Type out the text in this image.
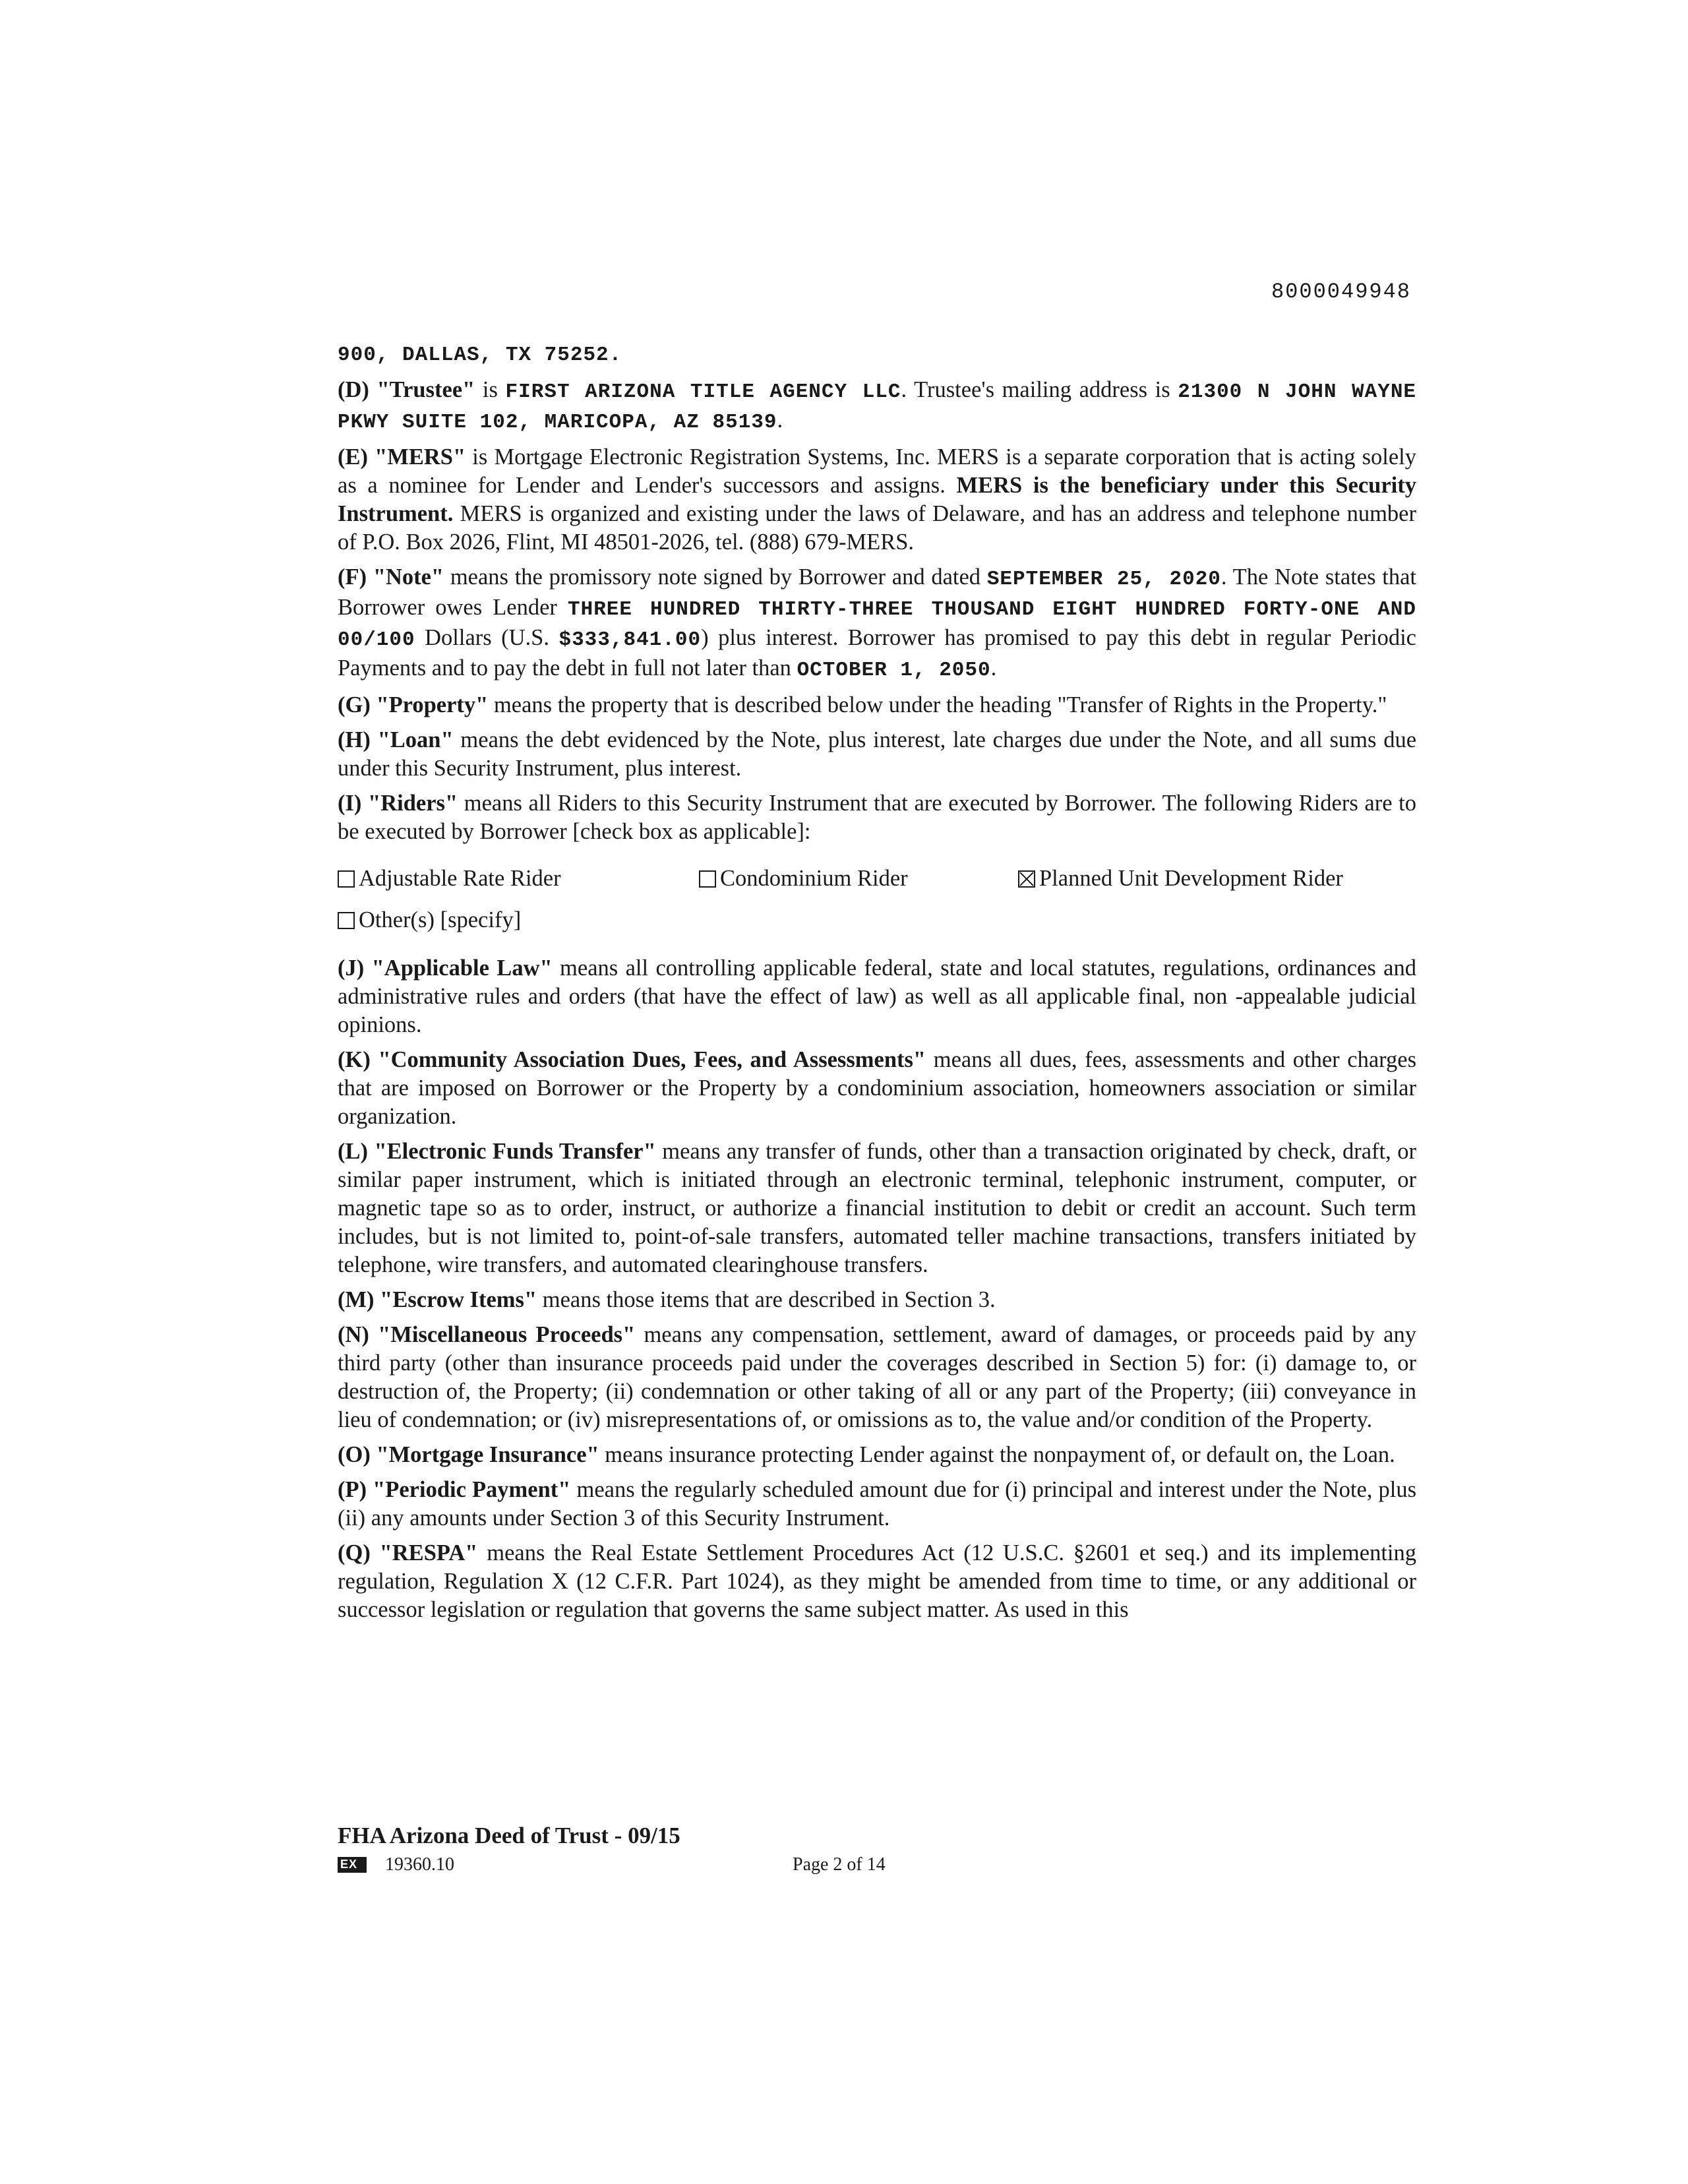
8000049948

900, DALLAS, TX 75252.

(D) "Trustee" is FIRST ARIZONA TITLE AGENCY LLC. Trustee's mailing address is 21300 N JOHN WAYNE PKWY SUITE 102, MARICOPA, AZ 85139.

(E) "MERS" is Mortgage Electronic Registration Systems, Inc. MERS is a separate corporation that is acting solely as a nominee for Lender and Lender's successors and assigns. MERS is the beneficiary under this Security Instrument. MERS is organized and existing under the laws of Delaware, and has an address and telephone number of P.O. Box 2026, Flint, MI 48501-2026, tel. (888) 679-MERS.

(F) "Note" means the promissory note signed by Borrower and dated SEPTEMBER 25, 2020. The Note states that Borrower owes Lender THREE HUNDRED THIRTY-THREE THOUSAND EIGHT HUNDRED FORTY-ONE AND 00/100 Dollars (U.S. $333,841.00) plus interest. Borrower has promised to pay this debt in regular Periodic Payments and to pay the debt in full not later than OCTOBER 1, 2050.

(G) "Property" means the property that is described below under the heading "Transfer of Rights in the Property."

(H) "Loan" means the debt evidenced by the Note, plus interest, late charges due under the Note, and all sums due under this Security Instrument, plus interest.

(I) "Riders" means all Riders to this Security Instrument that are executed by Borrower. The following Riders are to be executed by Borrower [check box as applicable]:

Adjustable Rate Rider	Condominium Rider	Planned Unit Development Rider
Other(s) [specify]

(J) "Applicable Law" means all controlling applicable federal, state and local statutes, regulations, ordinances and administrative rules and orders (that have the effect of law) as well as all applicable final, non -appealable judicial opinions.

(K) "Community Association Dues, Fees, and Assessments" means all dues, fees, assessments and other charges that are imposed on Borrower or the Property by a condominium association, homeowners association or similar organization.

(L) "Electronic Funds Transfer" means any transfer of funds, other than a transaction originated by check, draft, or similar paper instrument, which is initiated through an electronic terminal, telephonic instrument, computer, or magnetic tape so as to order, instruct, or authorize a financial institution to debit or credit an account. Such term includes, but is not limited to, point-of-sale transfers, automated teller machine transactions, transfers initiated by telephone, wire transfers, and automated clearinghouse transfers.

(M) "Escrow Items" means those items that are described in Section 3.

(N) "Miscellaneous Proceeds" means any compensation, settlement, award of damages, or proceeds paid by any third party (other than insurance proceeds paid under the coverages described in Section 5) for: (i) damage to, or destruction of, the Property; (ii) condemnation or other taking of all or any part of the Property; (iii) conveyance in lieu of condemnation; or (iv) misrepresentations of, or omissions as to, the value and/or condition of the Property.

(O) "Mortgage Insurance" means insurance protecting Lender against the nonpayment of, or default on, the Loan.

(P) "Periodic Payment" means the regularly scheduled amount due for (i) principal and interest under the Note, plus (ii) any amounts under Section 3 of this Security Instrument.

(Q) "RESPA" means the Real Estate Settlement Procedures Act (12 U.S.C. §2601 et seq.) and its implementing regulation, Regulation X (12 C.F.R. Part 1024), as they might be amended from time to time, or any additional or successor legislation or regulation that governs the same subject matter. As used in this

FHA Arizona Deed of Trust - 09/15
EX 19360.10	Page 2 of 14
